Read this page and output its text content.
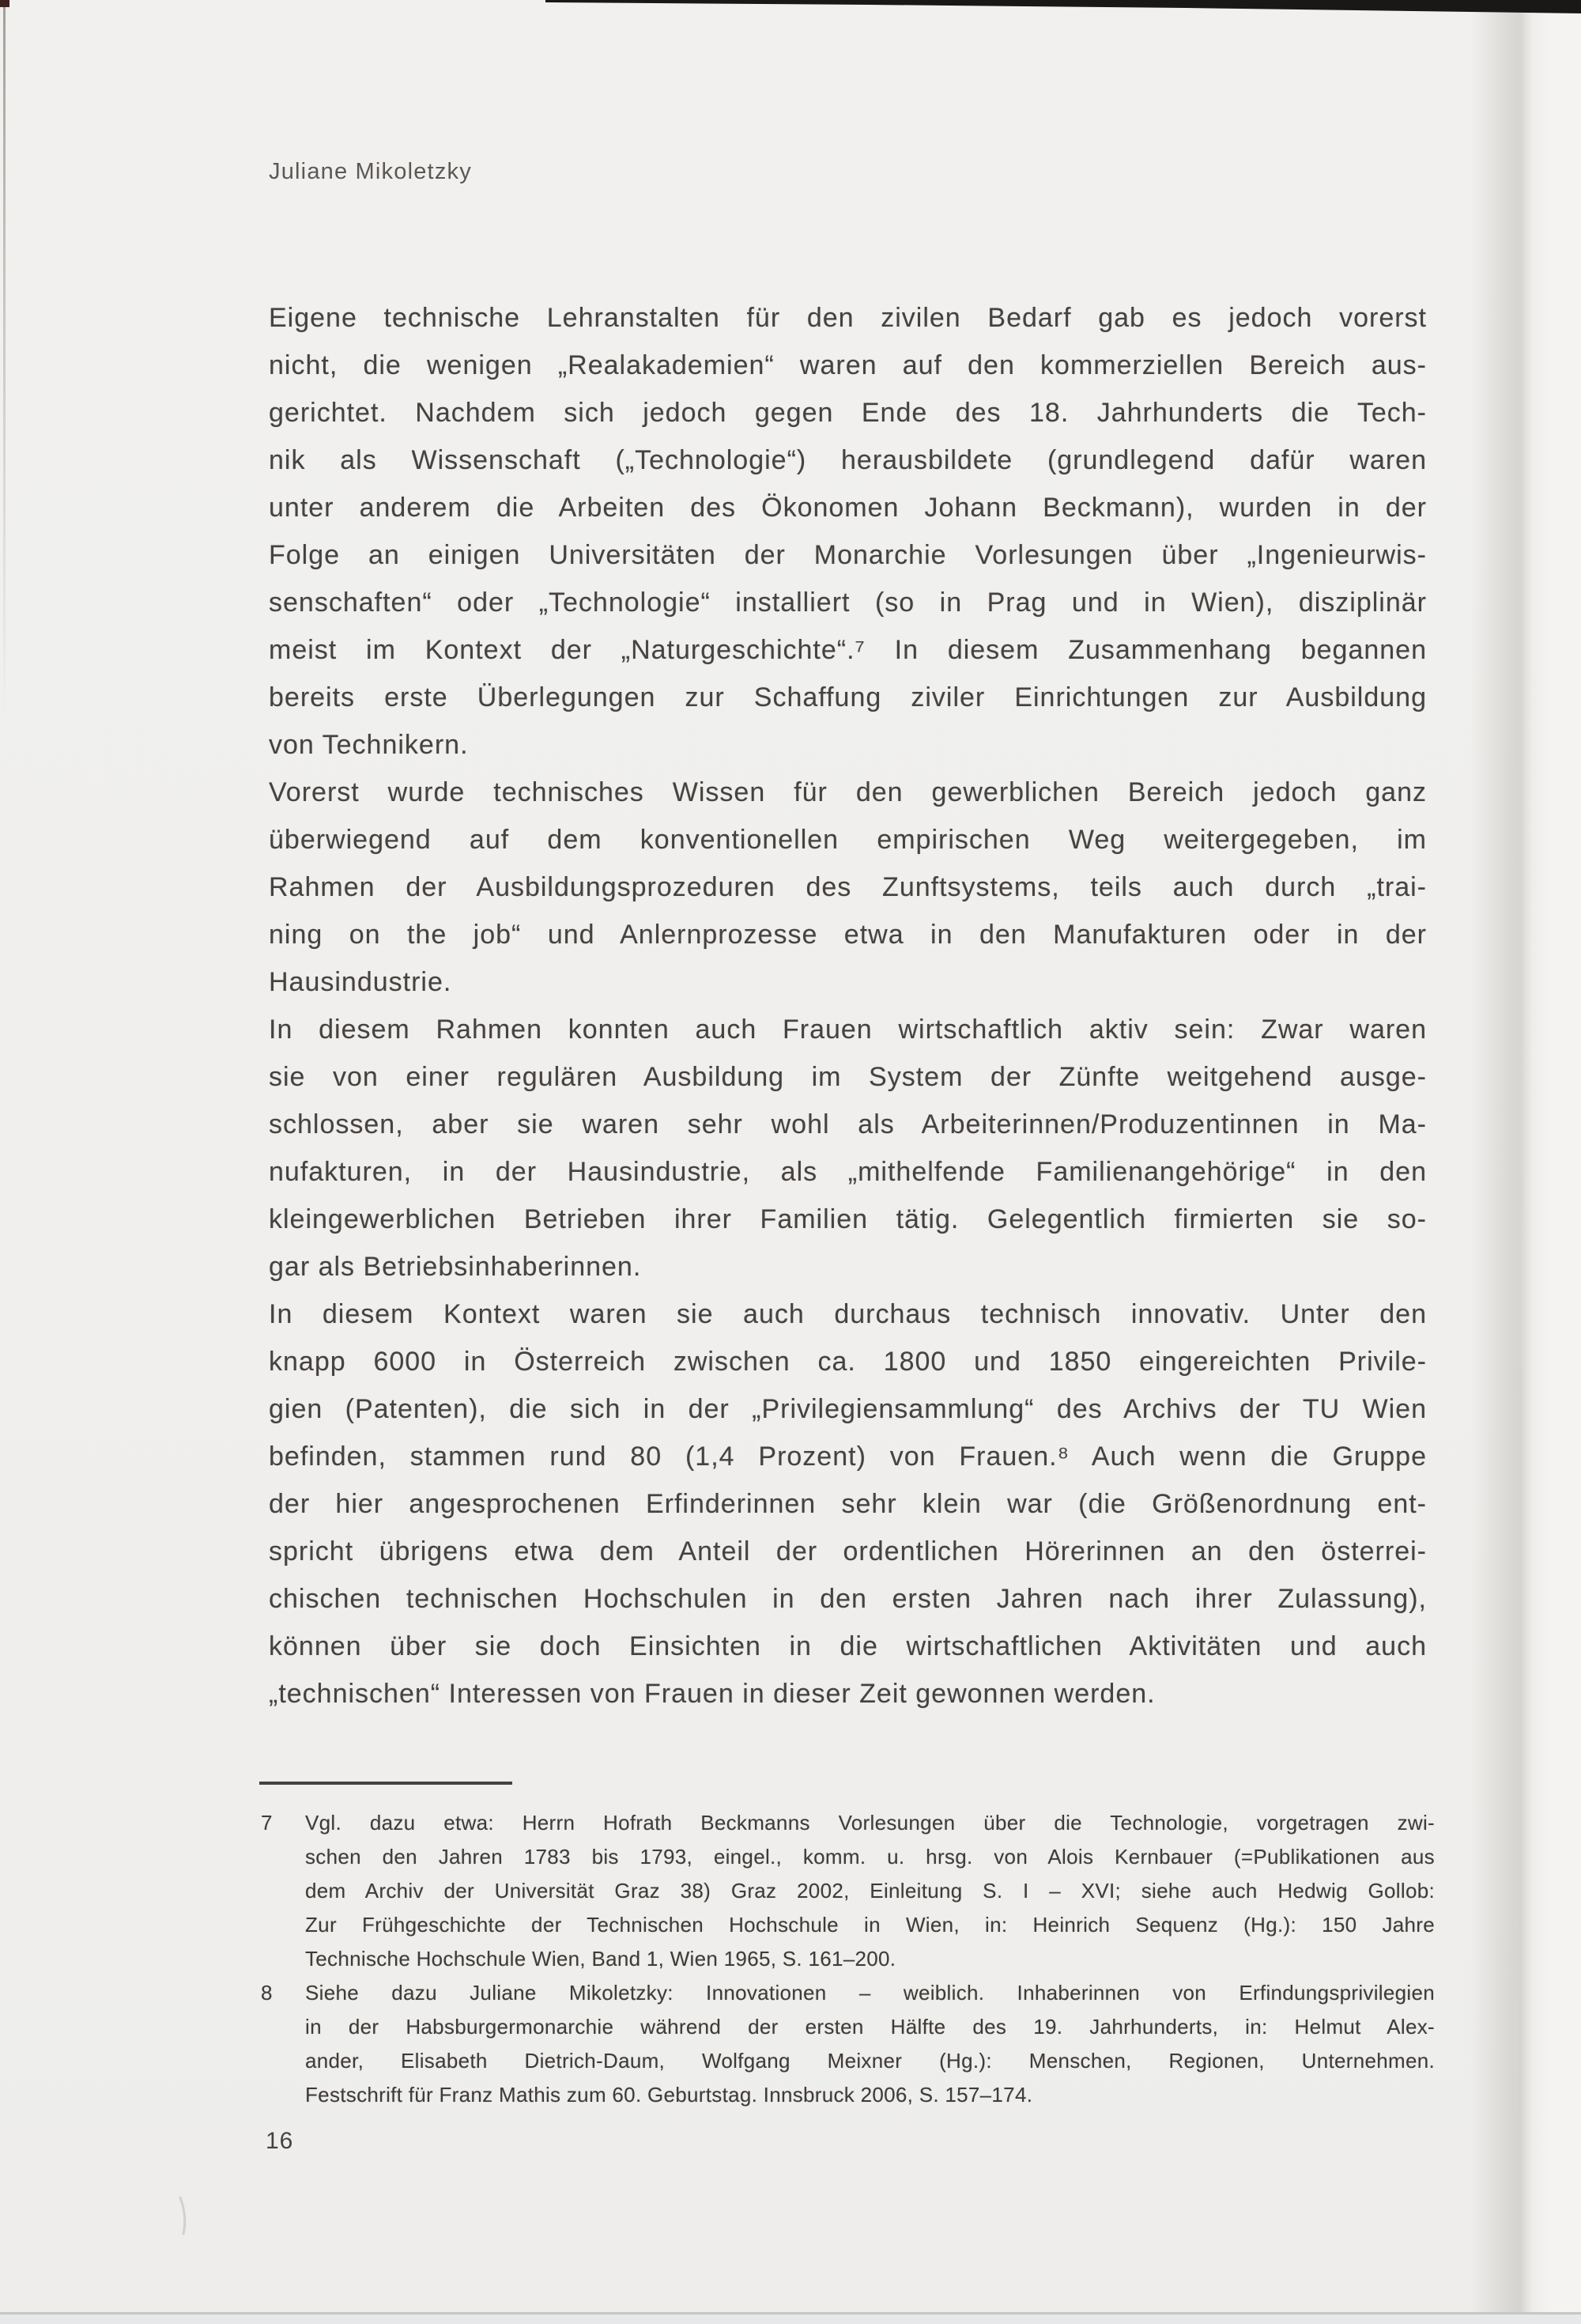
Juliane Mikoletzky
Eigene technische Lehranstalten für den zivilen Bedarf gab es jedoch vorerst
nicht, die wenigen „Realakademien“ waren auf den kommerziellen Bereich aus-
gerichtet. Nachdem sich jedoch gegen Ende des 18. Jahrhunderts die Tech-
nik als Wissenschaft („Technologie“) herausbildete (grundlegend dafür waren
unter anderem die Arbeiten des Ökonomen Johann Beckmann), wurden in der
Folge an einigen Universitäten der Monarchie Vorlesungen über „Ingenieurwis-
senschaften“ oder „Technologie“ installiert (so in Prag und in Wien), disziplinär
meist im Kontext der „Naturgeschichte“.⁷ In diesem Zusammenhang begannen
bereits erste Überlegungen zur Schaffung ziviler Einrichtungen zur Ausbildung
von Technikern.
Vorerst wurde technisches Wissen für den gewerblichen Bereich jedoch ganz
überwiegend auf dem konventionellen empirischen Weg weitergegeben, im
Rahmen der Ausbildungsprozeduren des Zunftsystems, teils auch durch „trai-
ning on the job“ und Anlernprozesse etwa in den Manufakturen oder in der
Hausindustrie.
In diesem Rahmen konnten auch Frauen wirtschaftlich aktiv sein: Zwar waren
sie von einer regulären Ausbildung im System der Zünfte weitgehend ausge-
schlossen, aber sie waren sehr wohl als Arbeiterinnen/Produzentinnen in Ma-
nufakturen, in der Hausindustrie, als „mithelfende Familienangehörige“ in den
kleingewerblichen Betrieben ihrer Familien tätig. Gelegentlich firmierten sie so-
gar als Betriebsinhaberinnen.
In diesem Kontext waren sie auch durchaus technisch innovativ. Unter den
knapp 6000 in Österreich zwischen ca. 1800 und 1850 eingereichten Privile-
gien (Patenten), die sich in der „Privilegiensammlung“ des Archivs der TU Wien
befinden, stammen rund 80 (1,4 Prozent) von Frauen.⁸ Auch wenn die Gruppe
der hier angesprochenen Erfinderinnen sehr klein war (die Größenordnung ent-
spricht übrigens etwa dem Anteil der ordentlichen Hörerinnen an den österrei-
chischen technischen Hochschulen in den ersten Jahren nach ihrer Zulassung),
können über sie doch Einsichten in die wirtschaftlichen Aktivitäten und auch
„technischen“ Interessen von Frauen in dieser Zeit gewonnen werden.
7 Vgl. dazu etwa: Herrn Hofrath Beckmanns Vorlesungen über die Technologie, vorgetragen zwi-
schen den Jahren 1783 bis 1793, eingel., komm. u. hrsg. von Alois Kernbauer (=Publikationen aus
dem Archiv der Universität Graz 38) Graz 2002, Einleitung S. I – XVI; siehe auch Hedwig Gollob:
Zur Frühgeschichte der Technischen Hochschule in Wien, in: Heinrich Sequenz (Hg.): 150 Jahre
Technische Hochschule Wien, Band 1, Wien 1965, S. 161–200.
8 Siehe dazu Juliane Mikoletzky: Innovationen – weiblich. Inhaberinnen von Erfindungsprivilegien
in der Habsburgermonarchie während der ersten Hälfte des 19. Jahrhunderts, in: Helmut Alex-
ander, Elisabeth Dietrich-Daum, Wolfgang Meixner (Hg.): Menschen, Regionen, Unternehmen.
Festschrift für Franz Mathis zum 60. Geburtstag. Innsbruck 2006, S. 157–174.
16
